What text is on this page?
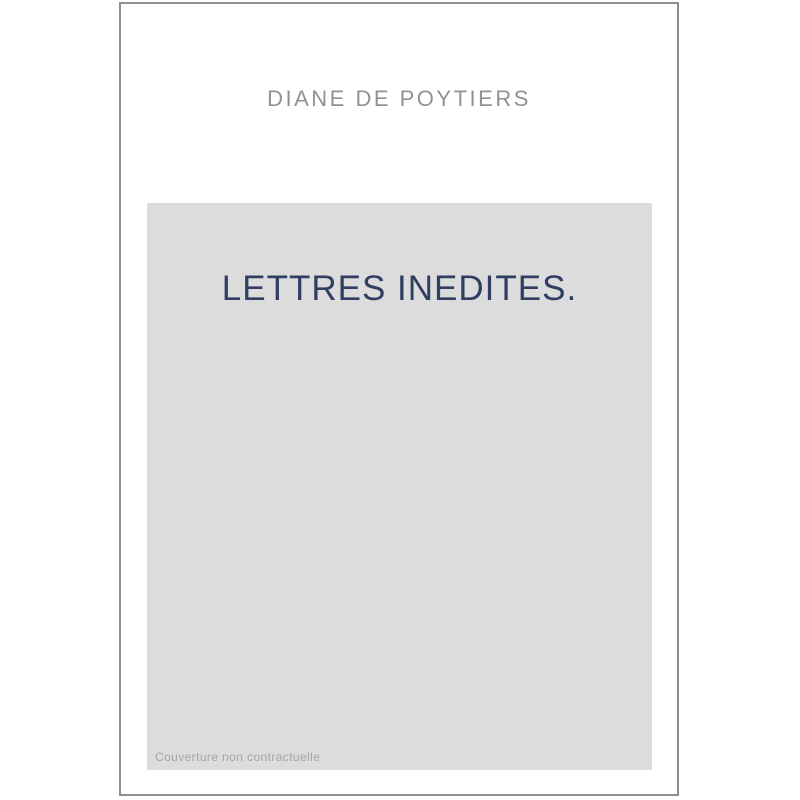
DIANE DE POYTIERS
LETTRES INEDITES.
Couverture non contractuelle
